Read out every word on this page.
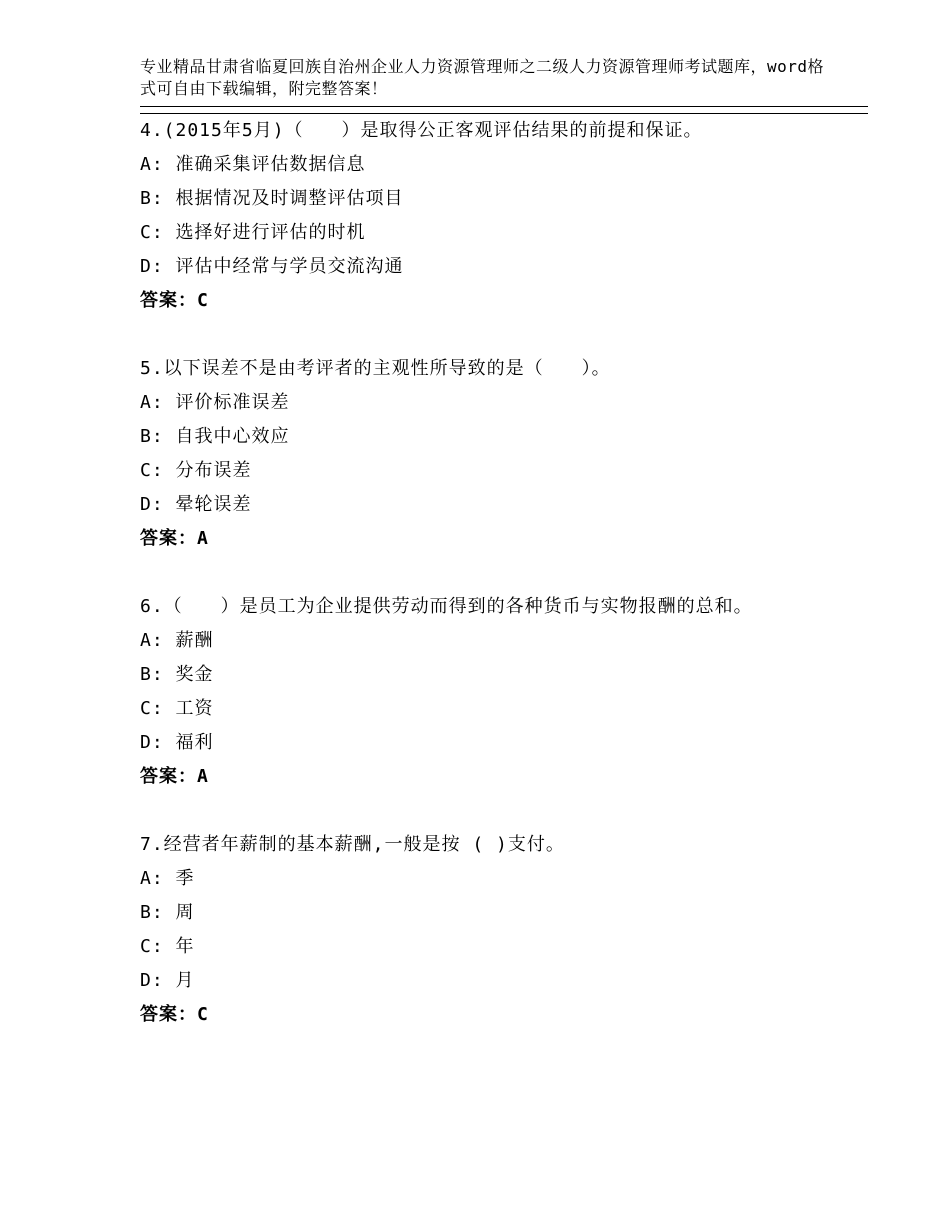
专业精品甘肃省临夏回族自治州企业人力资源管理师之二级人力资源管理师考试题库，word格式可自由下载编辑，附完整答案！
4.(2015年5月)（　　）是取得公正客观评估结果的前提和保证。
A: 准确采集评估数据信息
B: 根据情况及时调整评估项目
C: 选择好进行评估的时机
D: 评估中经常与学员交流沟通
答案：C
5.以下误差不是由考评者的主观性所导致的是（　　）。
A: 评价标准误差
B: 自我中心效应
C: 分布误差
D: 晕轮误差
答案：A
6.（　　）是员工为企业提供劳动而得到的各种货币与实物报酬的总和。
A: 薪酬
B: 奖金
C: 工资
D: 福利
答案：A
7.经营者年薪制的基本薪酬,一般是按 ( )支付。
A: 季
B: 周
C: 年
D: 月
答案：C
